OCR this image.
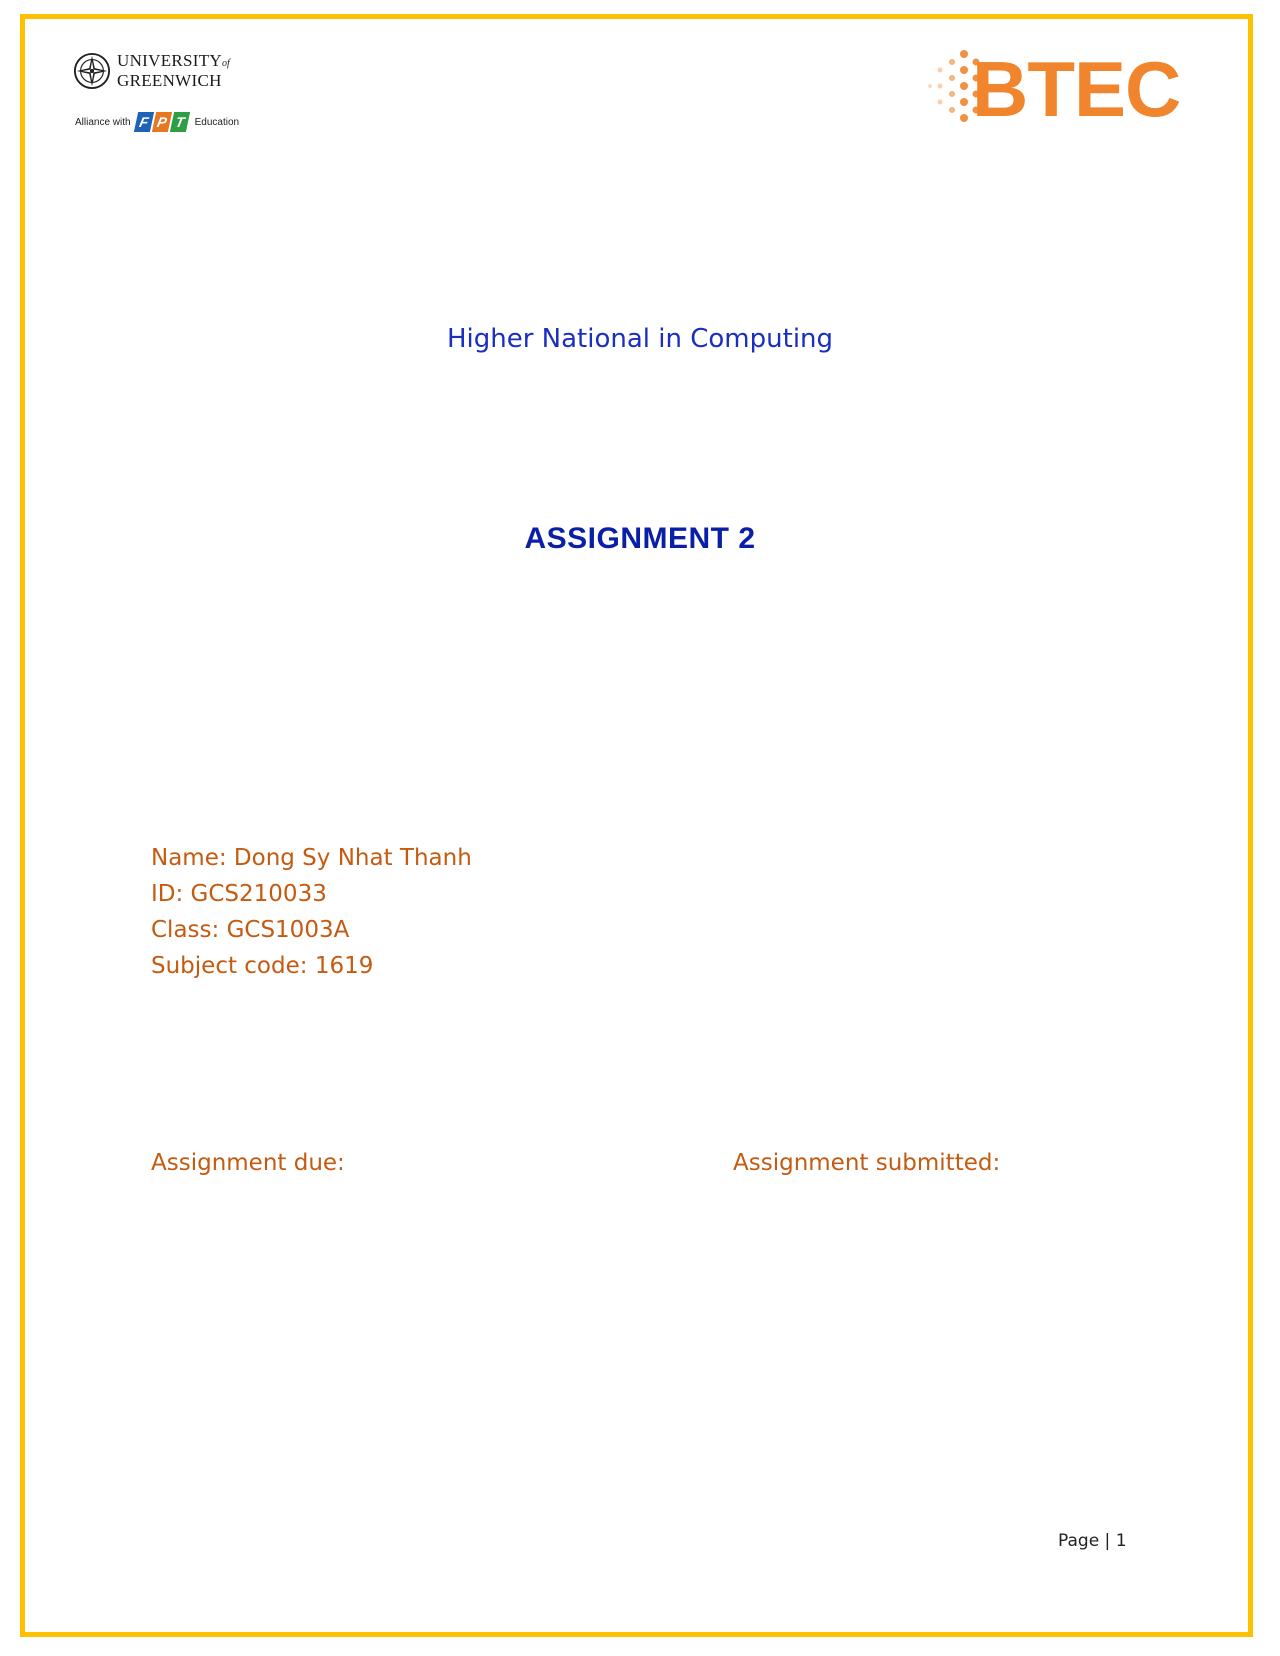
UNIVERSITYof
GREENWICH
Alliance with F P T Education	BTEC
Higher National in Computing
ASSIGNMENT 2
Name: Dong Sy Nhat Thanh
ID: GCS210033
Class: GCS1003A
Subject code: 1619
Assignment due:	Assignment submitted:
Page | 1
